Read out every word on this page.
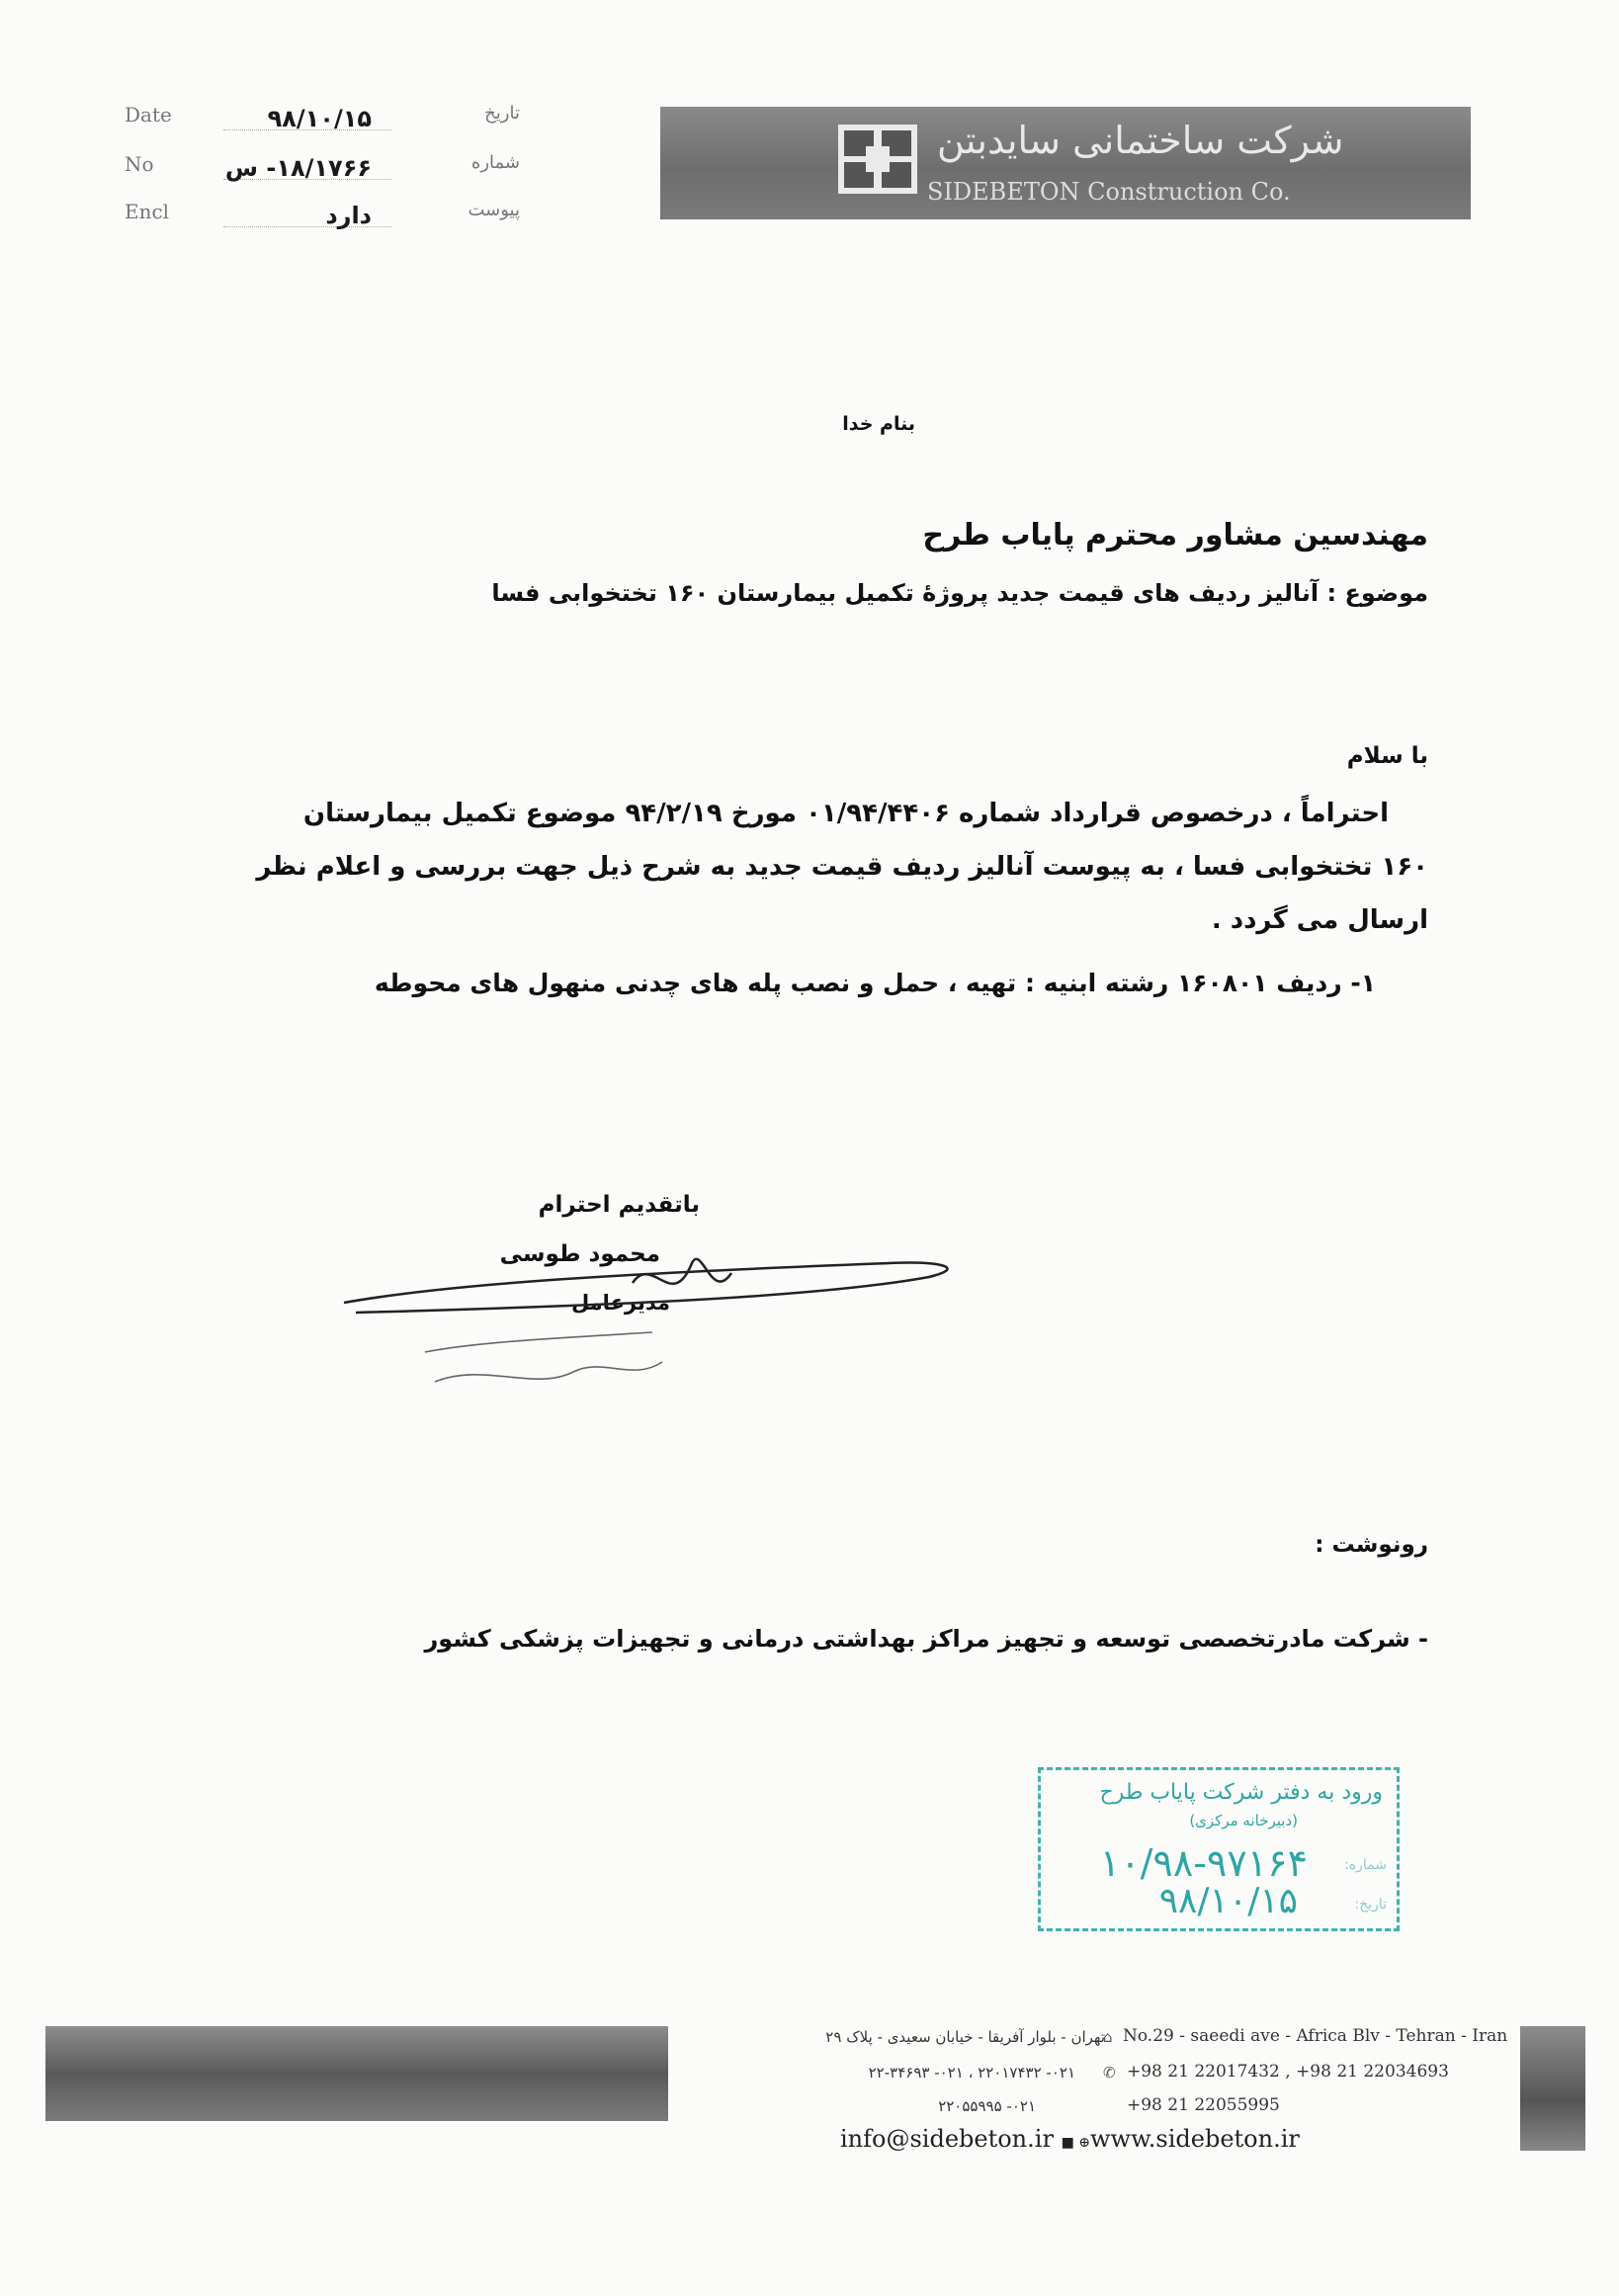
Date	۹۸/۱۰/۱۵	تاریخ
No	۱۸/۱۷۶۶- س	شماره
Encl	دارد	پیوست
شرکت ساختمانی سایدبتن
SIDEBETON Construction Co.
بنام خدا
مهندسین مشاور محترم پایاب طرح
موضوع : آنالیز ردیف های قیمت جدید پروژهٔ تکمیل بیمارستان ۱۶۰ تختخوابی فسا
با سلام
احتراماً ، درخصوص قرارداد شماره ۰۱/۹۴/۴۴۰۶ مورخ ۹۴/۲/۱۹ موضوع تکمیل بیمارستان ۱۶۰ تختخوابی فسا ، به پیوست آنالیز ردیف قیمت جدید به شرح ذیل جهت بررسی و اعلام نظر ارسال می گردد .
۱- ردیف ۱۶۰۸۰۱ رشته ابنیه : تهیه ، حمل و نصب پله های چدنی منهول های محوطه
باتقدیم احترام
محمود طوسی
مدیرعامل
رونوشت :
- شرکت مادرتخصصی توسعه و تجهیز مراکز بهداشتی درمانی و تجهیزات پزشکی کشور
ورود به دفتر شرکت پایاب طرح
(دبیرخانه مرکزی)
شماره:
۱۰/۹۸-۹۷۱۶۴
تاریخ:
۹۸/۱۰/۱۵
تهران - بلوار آفریقا - خیابان سعیدی - پلاک ۲۹
⌂ No.29 - saeedi ave - Africa Blv - Tehran - Iran
۰۲۱- ۲۲۰۱۷۴۳۲ ، ۰۲۱- ۲۲-۳۴۶۹۳ ✆ +98 21 22017432 , +98 21 22034693
۰۲۱- ۲۲۰۵۵۹۹۵	+98 21 22055995
info@sidebeton.ir ■ ⊕www.sidebeton.ir
